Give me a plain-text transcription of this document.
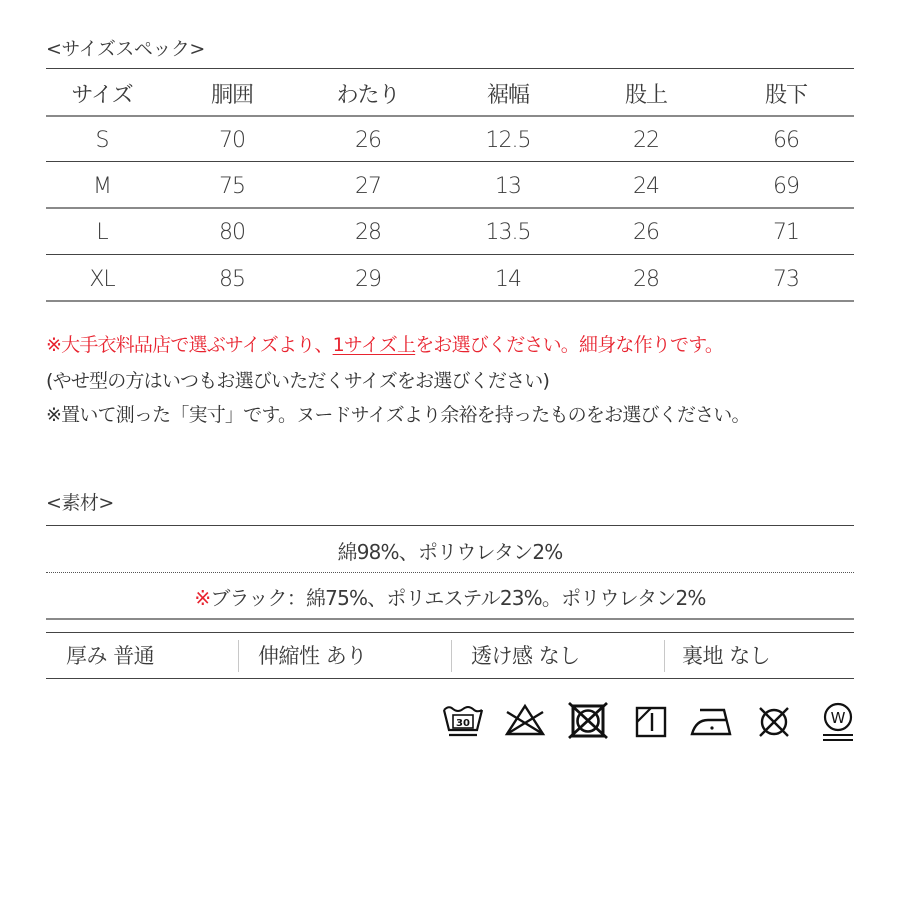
<サイズスペック>
サイズ	胴囲	わたり	裾幅	股上	股下
S	70	26	12.5	22	66
M	75	27	13	24	69
L	80	28	13.5	26	71
XL	85	29	14	28	73
※大手衣料品店で選ぶサイズより、1サイズ上をお選びください。細身な作りです。
(やせ型の方はいつもお選びいただくサイズをお選びください)
※置いて測った「実寸」です。ヌードサイズより余裕を持ったものをお選びください。
<素材>
綿98%、ポリウレタン2%
※ブラック：綿75%、ポリエステル23%。ポリウレタン2%
厚み 普通	伸縮性 あり	透け感 なし	裏地 なし
30	W
